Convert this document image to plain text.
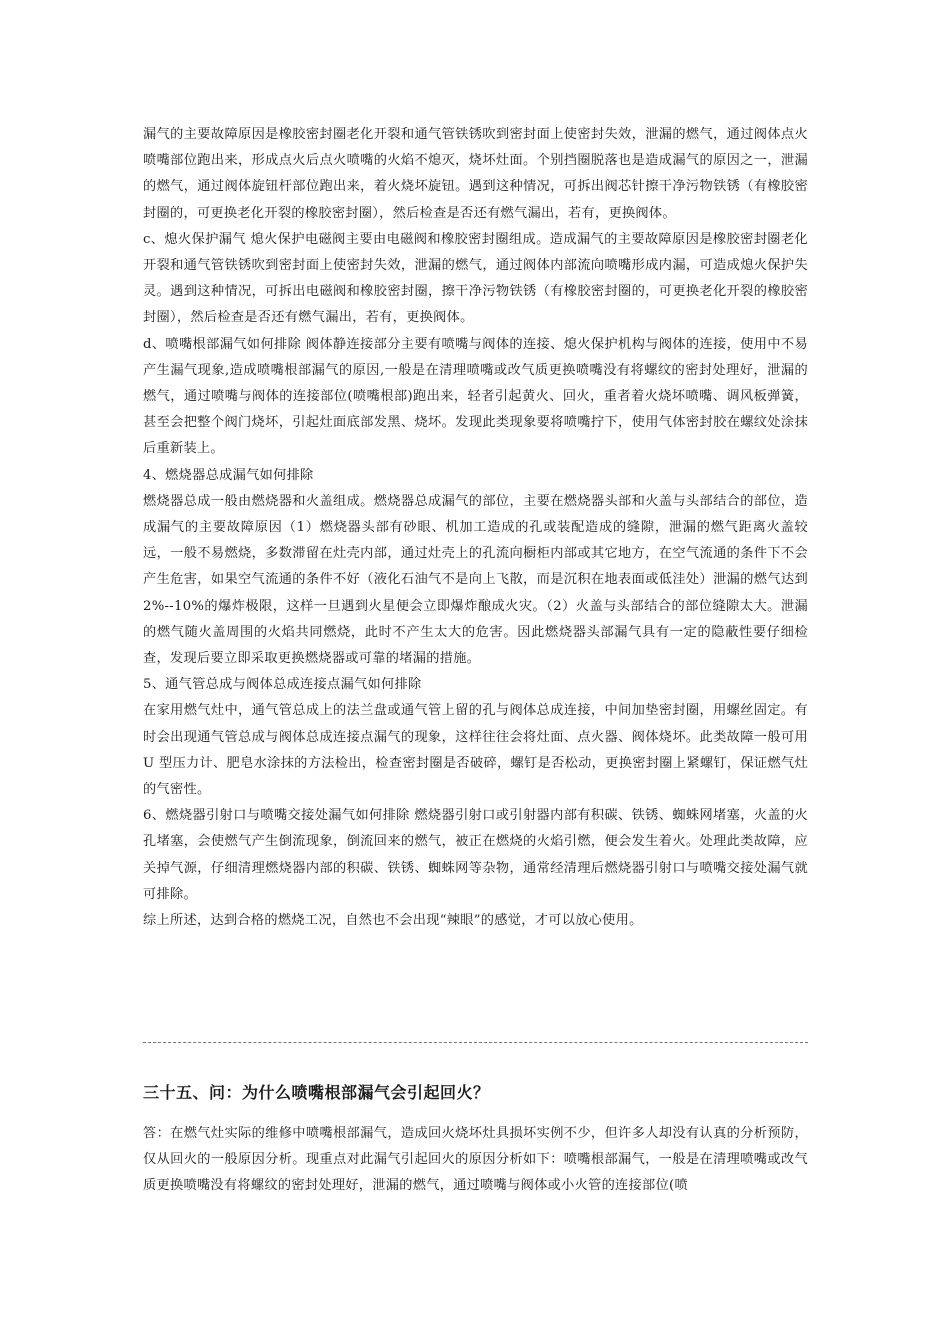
漏气的主要故障原因是橡胶密封圈老化开裂和通气管铁锈吹到密封面上使密封失效，泄漏的燃气，通过阀体点火喷嘴部位跑出来，形成点火后点火喷嘴的火焰不熄灭，烧坏灶面。个别挡圈脱落也是造成漏气的原因之一，泄漏的燃气，通过阀体旋钮杆部位跑出来，着火烧坏旋钮。遇到这种情况，可拆出阀芯针擦干净污物铁锈（有橡胶密封圈的，可更换老化开裂的橡胶密封圈），然后检查是否还有燃气漏出，若有，更换阀体。

c、熄火保护漏气 熄火保护电磁阀主要由电磁阀和橡胶密封圈组成。造成漏气的主要故障原因是橡胶密封圈老化开裂和通气管铁锈吹到密封面上使密封失效，泄漏的燃气，通过阀体内部流向喷嘴形成内漏，可造成熄火保护失灵。遇到这种情况，可拆出电磁阀和橡胶密封圈，擦干净污物铁锈（有橡胶密封圈的，可更换老化开裂的橡胶密封圈），然后检查是否还有燃气漏出，若有，更换阀体。

d、喷嘴根部漏气如何排除 阀体静连接部分主要有喷嘴与阀体的连接、熄火保护机构与阀体的连接，使用中不易产生漏气现象,造成喷嘴根部漏气的原因,一般是在清理喷嘴或改气质更换喷嘴没有将螺纹的密封处理好，泄漏的燃气，通过喷嘴与阀体的连接部位(喷嘴根部)跑出来，轻者引起黄火、回火，重者着火烧坏喷嘴、调风板弹簧，甚至会把整个阀门烧坏，引起灶面底部发黑、烧坏。发现此类现象要将喷嘴拧下，使用气体密封胶在螺纹处涂抹后重新装上。

4、燃烧器总成漏气如何排除

燃烧器总成一般由燃烧器和火盖组成。燃烧器总成漏气的部位，主要在燃烧器头部和火盖与头部结合的部位，造成漏气的主要故障原因（1）燃烧器头部有砂眼、机加工造成的孔或装配造成的缝隙，泄漏的燃气距离火盖较远，一般不易燃烧，多数滞留在灶壳内部，通过灶壳上的孔流向橱柜内部或其它地方，在空气流通的条件下不会产生危害，如果空气流通的条件不好（液化石油气不是向上飞散，而是沉积在地表面或低洼处）泄漏的燃气达到 2%--10%的爆炸极限，这样一旦遇到火星便会立即爆炸酿成火灾。（2）火盖与头部结合的部位缝隙太大。泄漏的燃气随火盖周围的火焰共同燃烧，此时不产生太大的危害。因此燃烧器头部漏气具有一定的隐蔽性要仔细检查，发现后要立即采取更换燃烧器或可靠的堵漏的措施。

5、通气管总成与阀体总成连接点漏气如何排除

在家用燃气灶中，通气管总成上的法兰盘或通气管上留的孔与阀体总成连接，中间加垫密封圈，用螺丝固定。有时会出现通气管总成与阀体总成连接点漏气的现象，这样往往会将灶面、点火器、阀体烧坏。此类故障一般可用 U 型压力计、肥皂水涂抹的方法检出，检查密封圈是否破碎，螺钉是否松动，更换密封圈上紧螺钉，保证燃气灶的气密性。

6、燃烧器引射口与喷嘴交接处漏气如何排除 燃烧器引射口或引射器内部有积碳、铁锈、蜘蛛网堵塞，火盖的火孔堵塞，会使燃气产生倒流现象，倒流回来的燃气，被正在燃烧的火焰引燃，便会发生着火。处理此类故障，应关掉气源，仔细清理燃烧器内部的积碳、铁锈、蜘蛛网等杂物，通常经清理后燃烧器引射口与喷嘴交接处漏气就可排除。

综上所述，达到合格的燃烧工况，自然也不会出现“辣眼”的感觉，才可以放心使用。

三十五、问：为什么喷嘴根部漏气会引起回火？

答：在燃气灶实际的维修中喷嘴根部漏气，造成回火烧坏灶具损坏实例不少，但许多人却没有认真的分析预防，仅从回火的一般原因分析。现重点对此漏气引起回火的原因分析如下：喷嘴根部漏气，一般是在清理喷嘴或改气质更换喷嘴没有将螺纹的密封处理好，泄漏的燃气，通过喷嘴与阀体或小火管的连接部位(喷
